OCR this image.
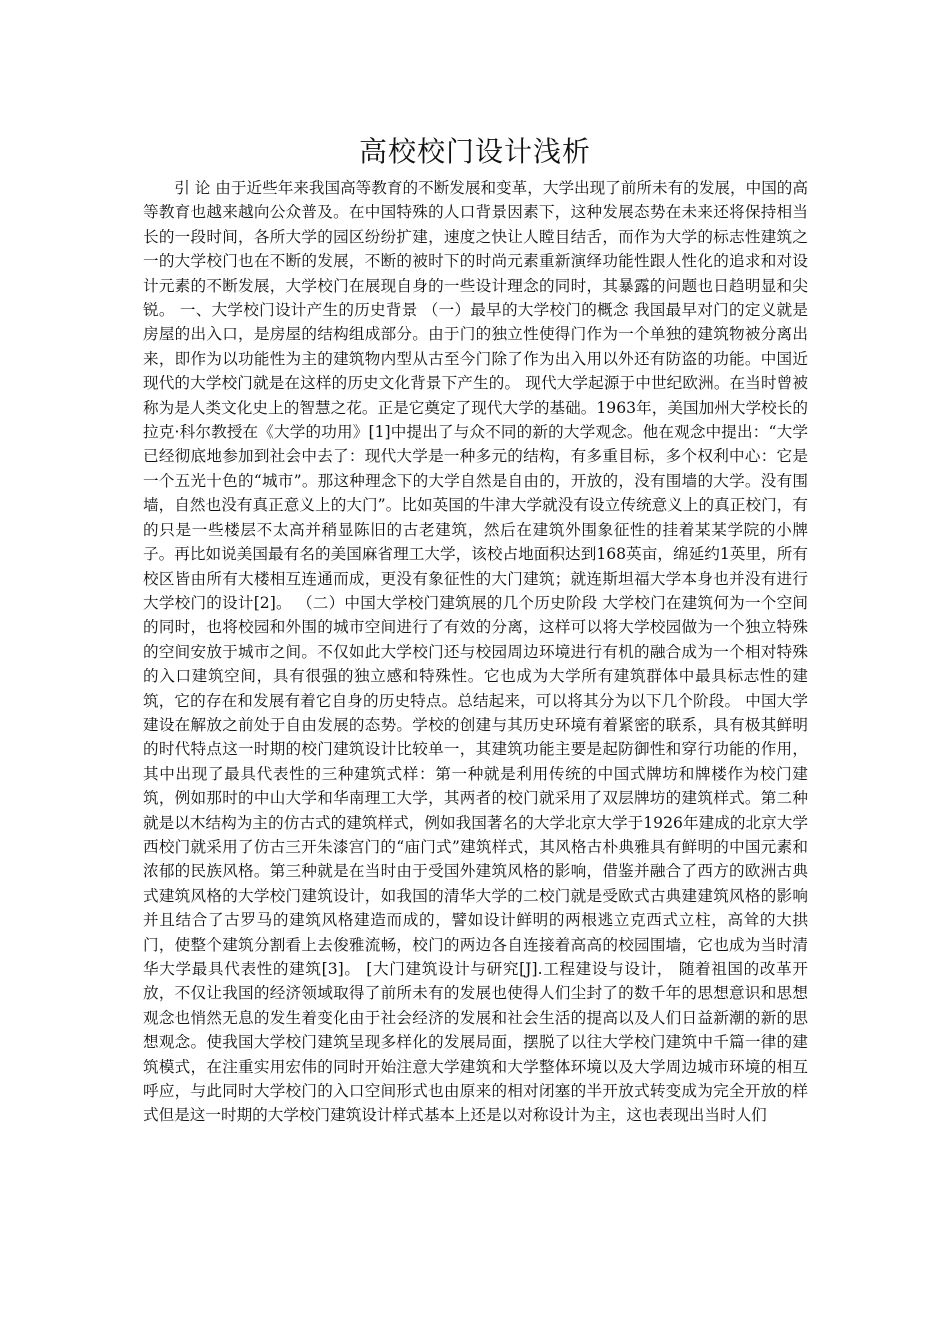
高校校门设计浅析

引 论 由于近些年来我国高等教育的不断发展和变革，大学出现了前所未有的发展，中国的高等教育也越来越向公众普及。在中国特殊的人口背景因素下，这种发展态势在未来还将保持相当长的一段时间，各所大学的园区纷纷扩建，速度之快让人瞠目结舌，而作为大学的标志性建筑之一的大学校门也在不断的发展，不断的被时下的时尚元素重新演绎功能性跟人性化的追求和对设计元素的不断发展，大学校门在展现自身的一些设计理念的同时，其暴露的问题也日趋明显和尖锐。 一、大学校门设计产生的历史背景 （一）最早的大学校门的概念 我国最早对门的定义就是房屋的出入口，是房屋的结构组成部分。由于门的独立性使得门作为一个单独的建筑物被分离出来，即作为以功能性为主的建筑物内型从古至今门除了作为出入用以外还有防盗的功能。中国近现代的大学校门就是在这样的历史文化背景下产生的。 现代大学起源于中世纪欧洲。在当时曾被称为是人类文化史上的智慧之花。正是它奠定了现代大学的基础。1963年，美国加州大学校长的拉克·科尔教授在《大学的功用》[1]中提出了与众不同的新的大学观念。他在观念中提出：“大学已经彻底地参加到社会中去了：现代大学是一种多元的结构，有多重目标，多个权利中心：它是一个五光十色的“城市”。那这种理念下的大学自然是自由的，开放的，没有围墙的大学。没有围墙，自然也没有真正意义上的大门”。比如英国的牛津大学就没有设立传统意义上的真正校门，有的只是一些楼层不太高并稍显陈旧的古老建筑，然后在建筑外围象征性的挂着某某学院的小牌子。再比如说美国最有名的美国麻省理工大学，该校占地面积达到168英亩，绵延约1英里，所有校区皆由所有大楼相互连通而成，更没有象征性的大门建筑；就连斯坦福大学本身也并没有进行大学校门的设计[2]。 （二）中国大学校门建筑展的几个历史阶段 大学校门在建筑何为一个空间的同时，也将校园和外围的城市空间进行了有效的分离，这样可以将大学校园做为一个独立特殊的空间安放于城市之间。不仅如此大学校门还与校园周边环境进行有机的融合成为一个相对特殊的入口建筑空间，具有很强的独立感和特殊性。它也成为大学所有建筑群体中最具标志性的建筑，它的存在和发展有着它自身的历史特点。总结起来，可以将其分为以下几个阶段。 中国大学建设在解放之前处于自由发展的态势。学校的创建与其历史环境有着紧密的联系，具有极其鲜明的时代特点这一时期的校门建筑设计比较单一，其建筑功能主要是起防御性和穿行功能的作用，其中出现了最具代表性的三种建筑式样：第一种就是利用传统的中国式牌坊和牌楼作为校门建筑，例如那时的中山大学和华南理工大学，其两者的校门就采用了双层牌坊的建筑样式。第二种就是以木结构为主的仿古式的建筑样式，例如我国著名的大学北京大学于1926年建成的北京大学西校门就采用了仿古三开朱漆宫门的“庙门式”建筑样式，其风格古朴典雅具有鲜明的中国元素和浓郁的民族风格。第三种就是在当时由于受国外建筑风格的影响，借鉴并融合了西方的欧洲古典式建筑风格的大学校门建筑设计，如我国的清华大学的二校门就是受欧式古典建建筑风格的影响并且结合了古罗马的建筑风格建造而成的，譬如设计鲜明的两根逃立克西式立柱，高耸的大拱门，使整个建筑分割看上去俊雅流畅，校门的两边各自连接着高高的校园围墙，它也成为当时清华大学最具代表性的建筑[3]。 [大门建筑设计与研究[J].工程建设与设计， 随着祖国的改革开放，不仅让我国的经济领域取得了前所未有的发展也使得人们尘封了的数千年的思想意识和思想观念也悄然无息的发生着变化由于社会经济的发展和社会生活的提高以及人们日益新潮的新的思想观念。使我国大学校门建筑呈现多样化的发展局面，摆脱了以往大学校门建筑中千篇一律的建筑模式，在注重实用宏伟的同时开始注意大学建筑和大学整体环境以及大学周边城市环境的相互呼应，与此同时大学校门的入口空间形式也由原来的相对闭塞的半开放式转变成为完全开放的样式但是这一时期的大学校门建筑设计样式基本上还是以对称设计为主，这也表现出当时人们
